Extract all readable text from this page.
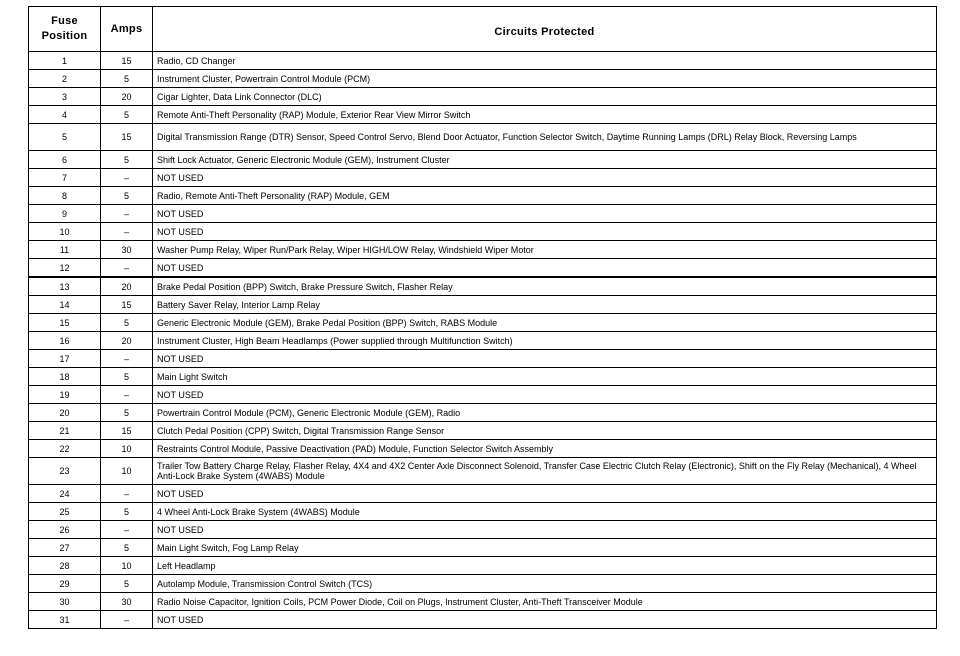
Fuse
Position	Amps	Circuits Protected
1	15	Radio, CD Changer
2	5	Instrument Cluster, Powertrain Control Module (PCM)
3	20	Cigar Lighter, Data Link Connector (DLC)
4	5	Remote Anti-Theft Personality (RAP) Module, Exterior Rear View Mirror Switch
5	15	Digital Transmission Range (DTR) Sensor, Speed Control Servo, Blend Door Actuator, Function Selector Switch, Daytime Running Lamps (DRL) Relay Block, Reversing Lamps
6	5	Shift Lock Actuator, Generic Electronic Module (GEM), Instrument Cluster
7	–	NOT USED
8	5	Radio, Remote Anti-Theft Personality (RAP) Module, GEM
9	–	NOT USED
10	–	NOT USED
11	30	Washer Pump Relay, Wiper Run/Park Relay, Wiper HIGH/LOW Relay, Windshield Wiper Motor
12	–	NOT USED
13	20	Brake Pedal Position (BPP) Switch, Brake Pressure Switch, Flasher Relay
14	15	Battery Saver Relay, Interior Lamp Relay
15	5	Generic Electronic Module (GEM), Brake Pedal Position (BPP) Switch, RABS Module
16	20	Instrument Cluster, High Beam Headlamps (Power supplied through Multifunction Switch)
17	–	NOT USED
18	5	Main Light Switch
19	–	NOT USED
20	5	Powertrain Control Module (PCM), Generic Electronic Module (GEM), Radio
21	15	Clutch Pedal Position (CPP) Switch, Digital Transmission Range Sensor
22	10	Restraints Control Module, Passive Deactivation (PAD) Module, Function Selector Switch Assembly
23	10	Trailer Tow Battery Charge Relay, Flasher Relay, 4X4 and 4X2 Center Axle Disconnect Solenoid, Transfer Case Electric Clutch Relay (Electronic), Shift on the Fly Relay (Mechanical), 4 Wheel Anti-Lock Brake System (4WABS) Module
24	–	NOT USED
25	5	4 Wheel Anti-Lock Brake System (4WABS) Module
26	–	NOT USED
27	5	Main Light Switch, Fog Lamp Relay
28	10	Left Headlamp
29	5	Autolamp Module, Transmission Control Switch (TCS)
30	30	Radio Noise Capacitor, Ignition Coils, PCM Power Diode, Coil on Plugs, Instrument Cluster, Anti-Theft Transceiver Module
31	–	NOT USED
